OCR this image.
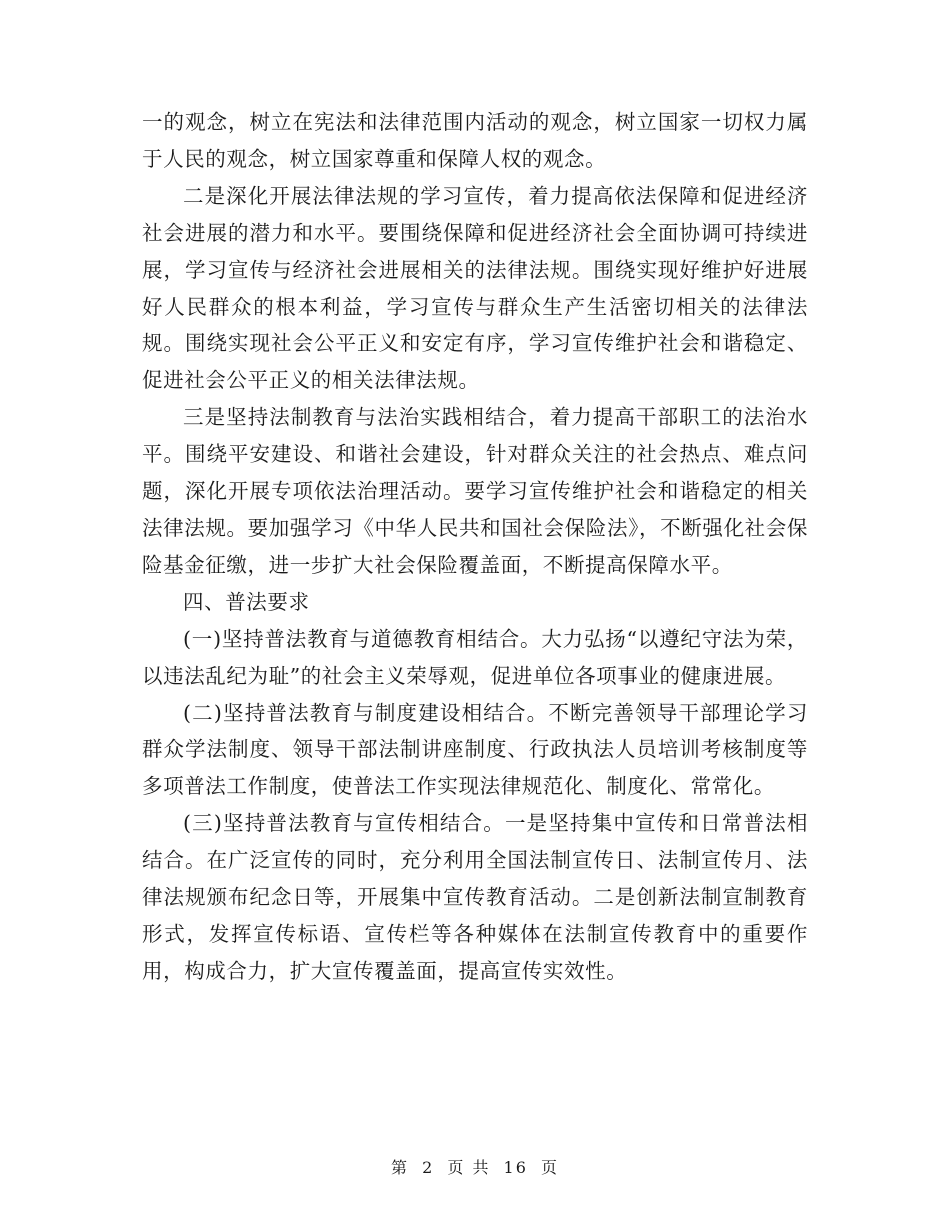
一的观念，树立在宪法和法律范围内活动的观念，树立国家一切权力属于人民的观念，树立国家尊重和保障人权的观念。

二是深化开展法律法规的学习宣传，着力提高依法保障和促进经济社会进展的潜力和水平。要围绕保障和促进经济社会全面协调可持续进展，学习宣传与经济社会进展相关的法律法规。围绕实现好维护好进展好人民群众的根本利益，学习宣传与群众生产生活密切相关的法律法规。围绕实现社会公平正义和安定有序，学习宣传维护社会和谐稳定、促进社会公平正义的相关法律法规。

三是坚持法制教育与法治实践相结合，着力提高干部职工的法治水平。围绕平安建设、和谐社会建设，针对群众关注的社会热点、难点问题，深化开展专项依法治理活动。要学习宣传维护社会和谐稳定的相关法律法规。要加强学习《中华人民共和国社会保险法》，不断强化社会保险基金征缴，进一步扩大社会保险覆盖面，不断提高保障水平。

四、普法要求

(一)坚持普法教育与道德教育相结合。大力弘扬“以遵纪守法为荣，以违法乱纪为耻”的社会主义荣辱观，促进单位各项事业的健康进展。

(二)坚持普法教育与制度建设相结合。不断完善领导干部理论学习群众学法制度、领导干部法制讲座制度、行政执法人员培训考核制度等多项普法工作制度，使普法工作实现法律规范化、制度化、常常化。

(三)坚持普法教育与宣传相结合。一是坚持集中宣传和日常普法相结合。在广泛宣传的同时，充分利用全国法制宣传日、法制宣传月、法律法规颁布纪念日等，开展集中宣传教育活动。二是创新法制宣制教育形式，发挥宣传标语、宣传栏等各种媒体在法制宣传教育中的重要作用，构成合力，扩大宣传覆盖面，提高宣传实效性。

第 2 页 共 16 页
